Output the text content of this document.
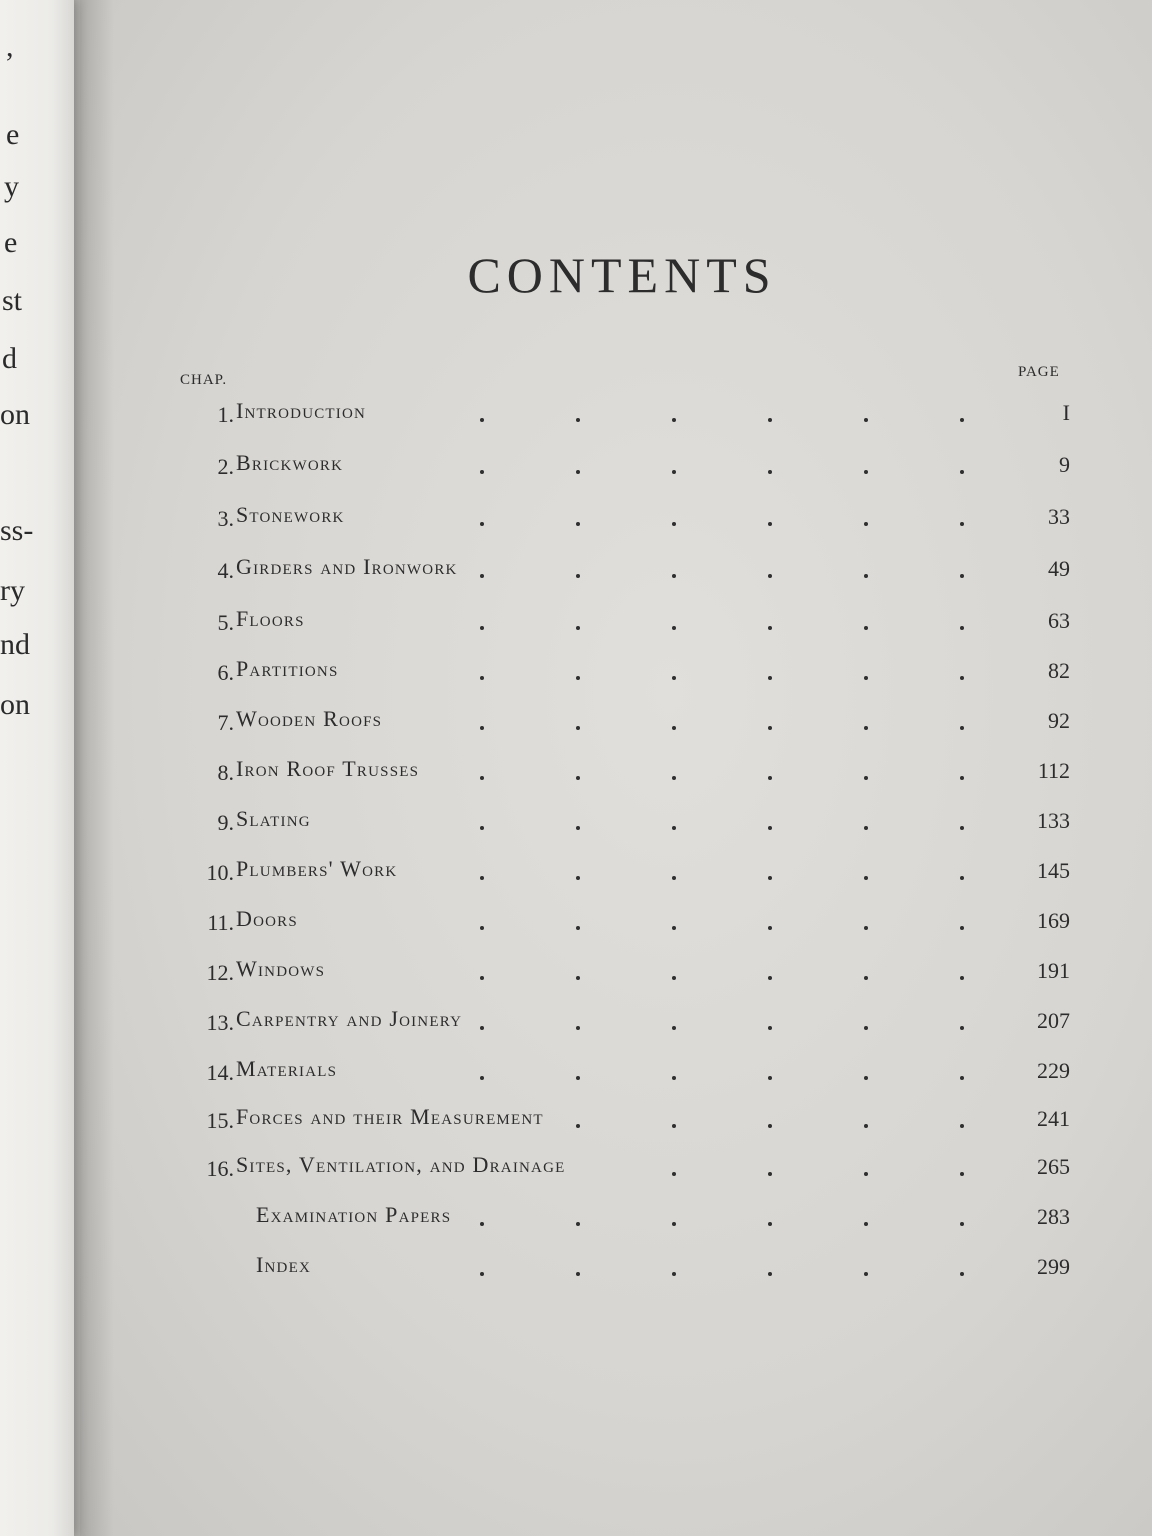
,
e
y
e
st
d
on
ss-
ry
nd
on
CONTENTS
CHAP.	PAGE
1. Introduction	I
2. Brickwork	9
3. Stonework	33
4. Girders and Ironwork	49
5. Floors	63
6. Partitions	82
7. Wooden Roofs	92
8. Iron Roof Trusses	112
9. Slating	133
10. Plumbers' Work	145
11. Doors	169
12. Windows	191
13. Carpentry and Joinery	207
14. Materials	229
15. Forces and their Measurement	241
16. Sites, Ventilation, and Drainage	265
Examination Papers	283
Index	299
